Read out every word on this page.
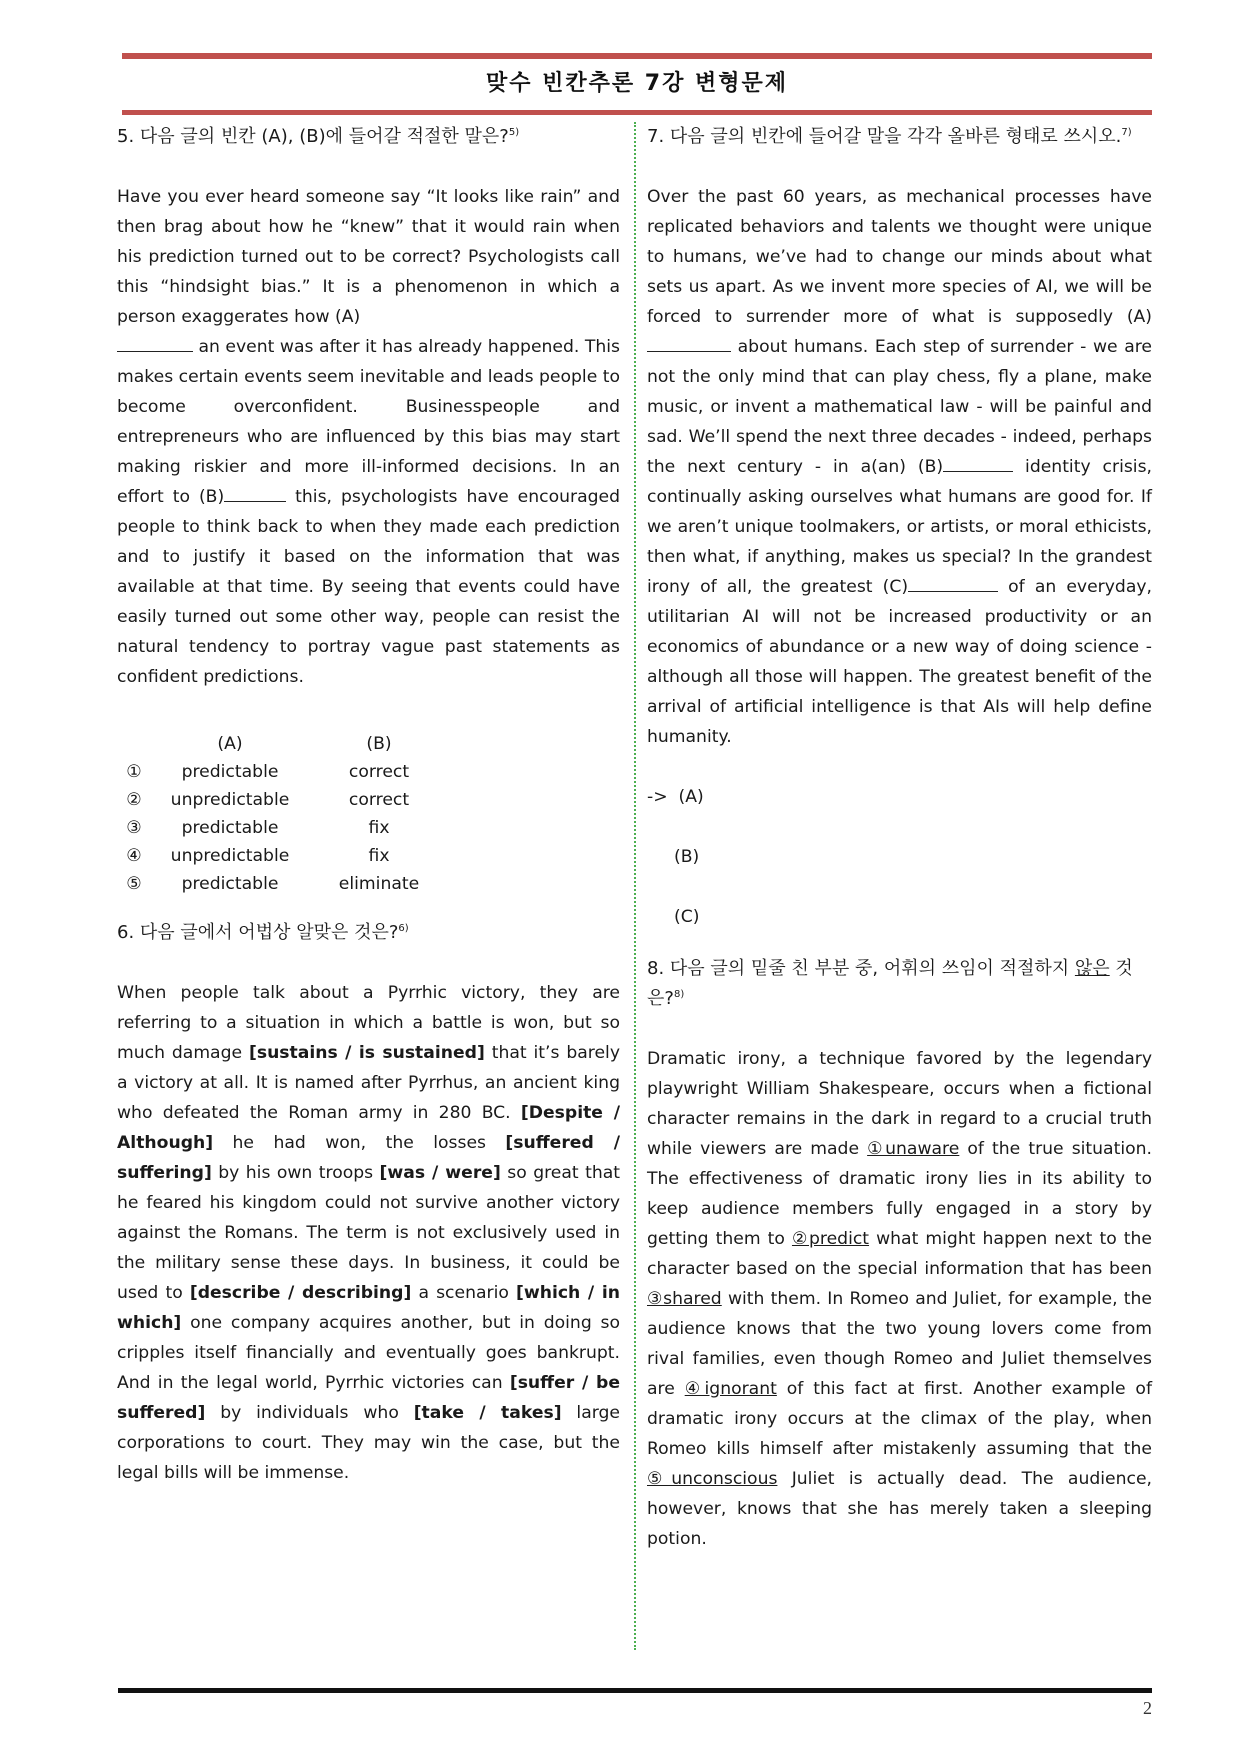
맞수 빈칸추론 7강 변형문제

5. 다음 글의 빈칸 (A), (B)에 들어갈 적절한 말은?$^{5)}$

Have you ever heard someone say “It looks like rain” and then brag about how he “knew” that it would rain when his prediction turned out to be correct? Psychologists call this “hindsight bias.” It is a phenomenon in which a person exaggerates how (A)
an event was after it has already happened. This makes certain events seem inevitable and leads people to become overconfident. Businesspeople and entrepreneurs who are influenced by this bias may start making riskier and more ill-informed decisions. In an effort to (B)	this, psychologists have encouraged people to think back to when they made each prediction and to justify it based on the information that was available at that time. By seeing that events could have easily turned out some other way, people can resist the natural tendency to portray vague past statements as confident predictions.

	(A)	(B)
①	predictable	correct
②	unpredictable	correct
③	predictable	fix
④	unpredictable	fix
⑤	predictable	eliminate

6. 다음 글에서 어법상 알맞은 것은?$^{6)}$

When people talk about a Pyrrhic victory, they are referring to a situation in which a battle is won, but so much damage [sustains / is sustained] that it’s barely a victory at all. It is named after Pyrrhus, an ancient king who defeated the Roman army in 280 BC. [Despite / Although] he had won, the losses [suffered / suffering] by his own troops [was / were] so great that he feared his kingdom could not survive another victory against the Romans. The term is not exclusively used in the military sense these days. In business, it could be used to [describe / describing] a scenario [which / in which] one company acquires another, but in doing so cripples itself financially and eventually goes bankrupt. And in the legal world, Pyrrhic victories can [suffer / be suffered] by individuals who [take / takes] large corporations to court. They may win the case, but the legal bills will be immense.

7. 다음 글의 빈칸에 들어갈 말을 각각 올바른 형태로 쓰시오.$^{7)}$

Over the past 60 years, as mechanical processes have replicated behaviors and talents we thought were unique to humans, we’ve had to change our minds about what sets us apart. As we invent more species of AI, we will be forced to surrender more of what is supposedly (A) about humans. Each step of surrender - we are not the only mind that can play chess, fly a plane, make music, or invent a mathematical law - will be painful and sad. We’ll spend the next three decades - indeed, perhaps the next century - in a(an) (B)	identity crisis, continually asking ourselves what humans are good for. If we aren’t unique toolmakers, or artists, or moral ethicists, then what, if anything, makes us special? In the grandest irony of all, the greatest (C)	of an everyday, utilitarian AI will not be increased productivity or an economics of abundance or a new way of doing science - although all those will happen. The greatest benefit of the arrival of artificial intelligence is that AIs will help define humanity.

-> (A)
(B)
(C)

8. 다음 글의 밑줄 친 부분 중, 어휘의 쓰임이 적절하지 않은 것은?$^{8)}$

Dramatic irony, a technique favored by the legendary playwright William Shakespeare, occurs when a fictional character remains in the dark in regard to a crucial truth while viewers are made ①unaware of the true situation. The effectiveness of dramatic irony lies in its ability to keep audience members fully engaged in a story by getting them to ②predict what might happen next to the character based on the special information that has been ③shared with them. In Romeo and Juliet, for example, the audience knows that the two young lovers come from rival families, even though Romeo and Juliet themselves are ④ignorant of this fact at first. Another example of dramatic irony occurs at the climax of the play, when Romeo kills himself after mistakenly assuming that the ⑤unconscious Juliet is actually dead. The audience, however, knows that she has merely taken a sleeping potion.

2
